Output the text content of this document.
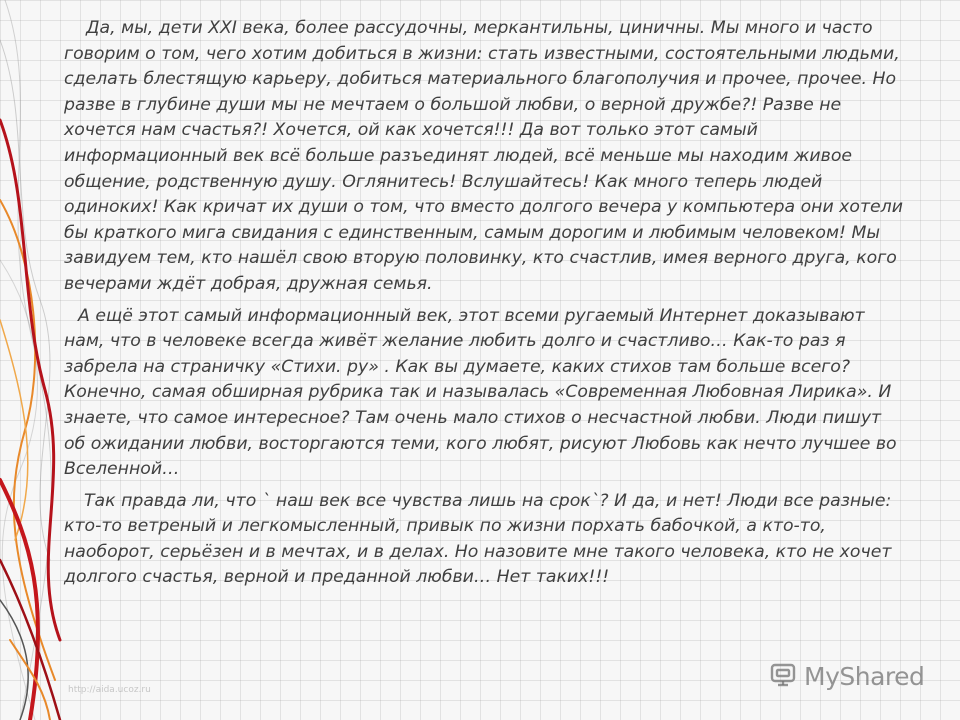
Да, мы, дети XXI века, более рассудочны, меркантильны, циничны. Мы много и часто говорим о том, чего хотим добиться в жизни: стать известными, состоятельными людьми, сделать блестящую карьеру, добиться материального благополучия и прочее, прочее. Но разве в глубине души мы не мечтаем о большой любви, о верной дружбе?! Разве не хочется нам счастья?! Хочется, ой как хочется!!! Да вот только этот самый информационный век всё больше разъединят людей, всё меньше мы находим живое общение, родственную душу. Оглянитесь! Вслушайтесь! Как много теперь людей одиноких! Как кричат их души о том, что вместо долгого вечера у компьютера они хотели бы краткого мига свидания с единственным, самым дорогим и любимым человеком! Мы завидуем тем, кто нашёл свою вторую половинку, кто счастлив, имея верного друга, кого вечерами ждёт добрая, дружная семья.

А ещё этот самый информационный век, этот всеми ругаемый Интернет доказывают нам, что в человеке всегда живёт желание любить долго и счастливо… Как-то раз я забрела на страничку «Стихи. ру» . Как вы думаете, каких стихов там больше всего? Конечно, самая обширная рубрика так и называлась «Современная Любовная Лирика». И знаете, что самое интересное? Там очень мало стихов о несчастной любви. Люди пишут об ожидании любви, восторгаются теми, кого любят, рисуют Любовь как нечто лучшее во Вселенной…

Так правда ли, что ` наш век все чувства лишь на срок`? И да, и нет! Люди все разные: кто-то ветреный и легкомысленный, привык по жизни порхать бабочкой, а кто-то, наоборот, серьёзен и в мечтах, и в делах. Но назовите мне такого человека, кто не хочет долгого счастья, верной и преданной любви… Нет таких!!!

http://aida.ucoz.ru	MyShared
